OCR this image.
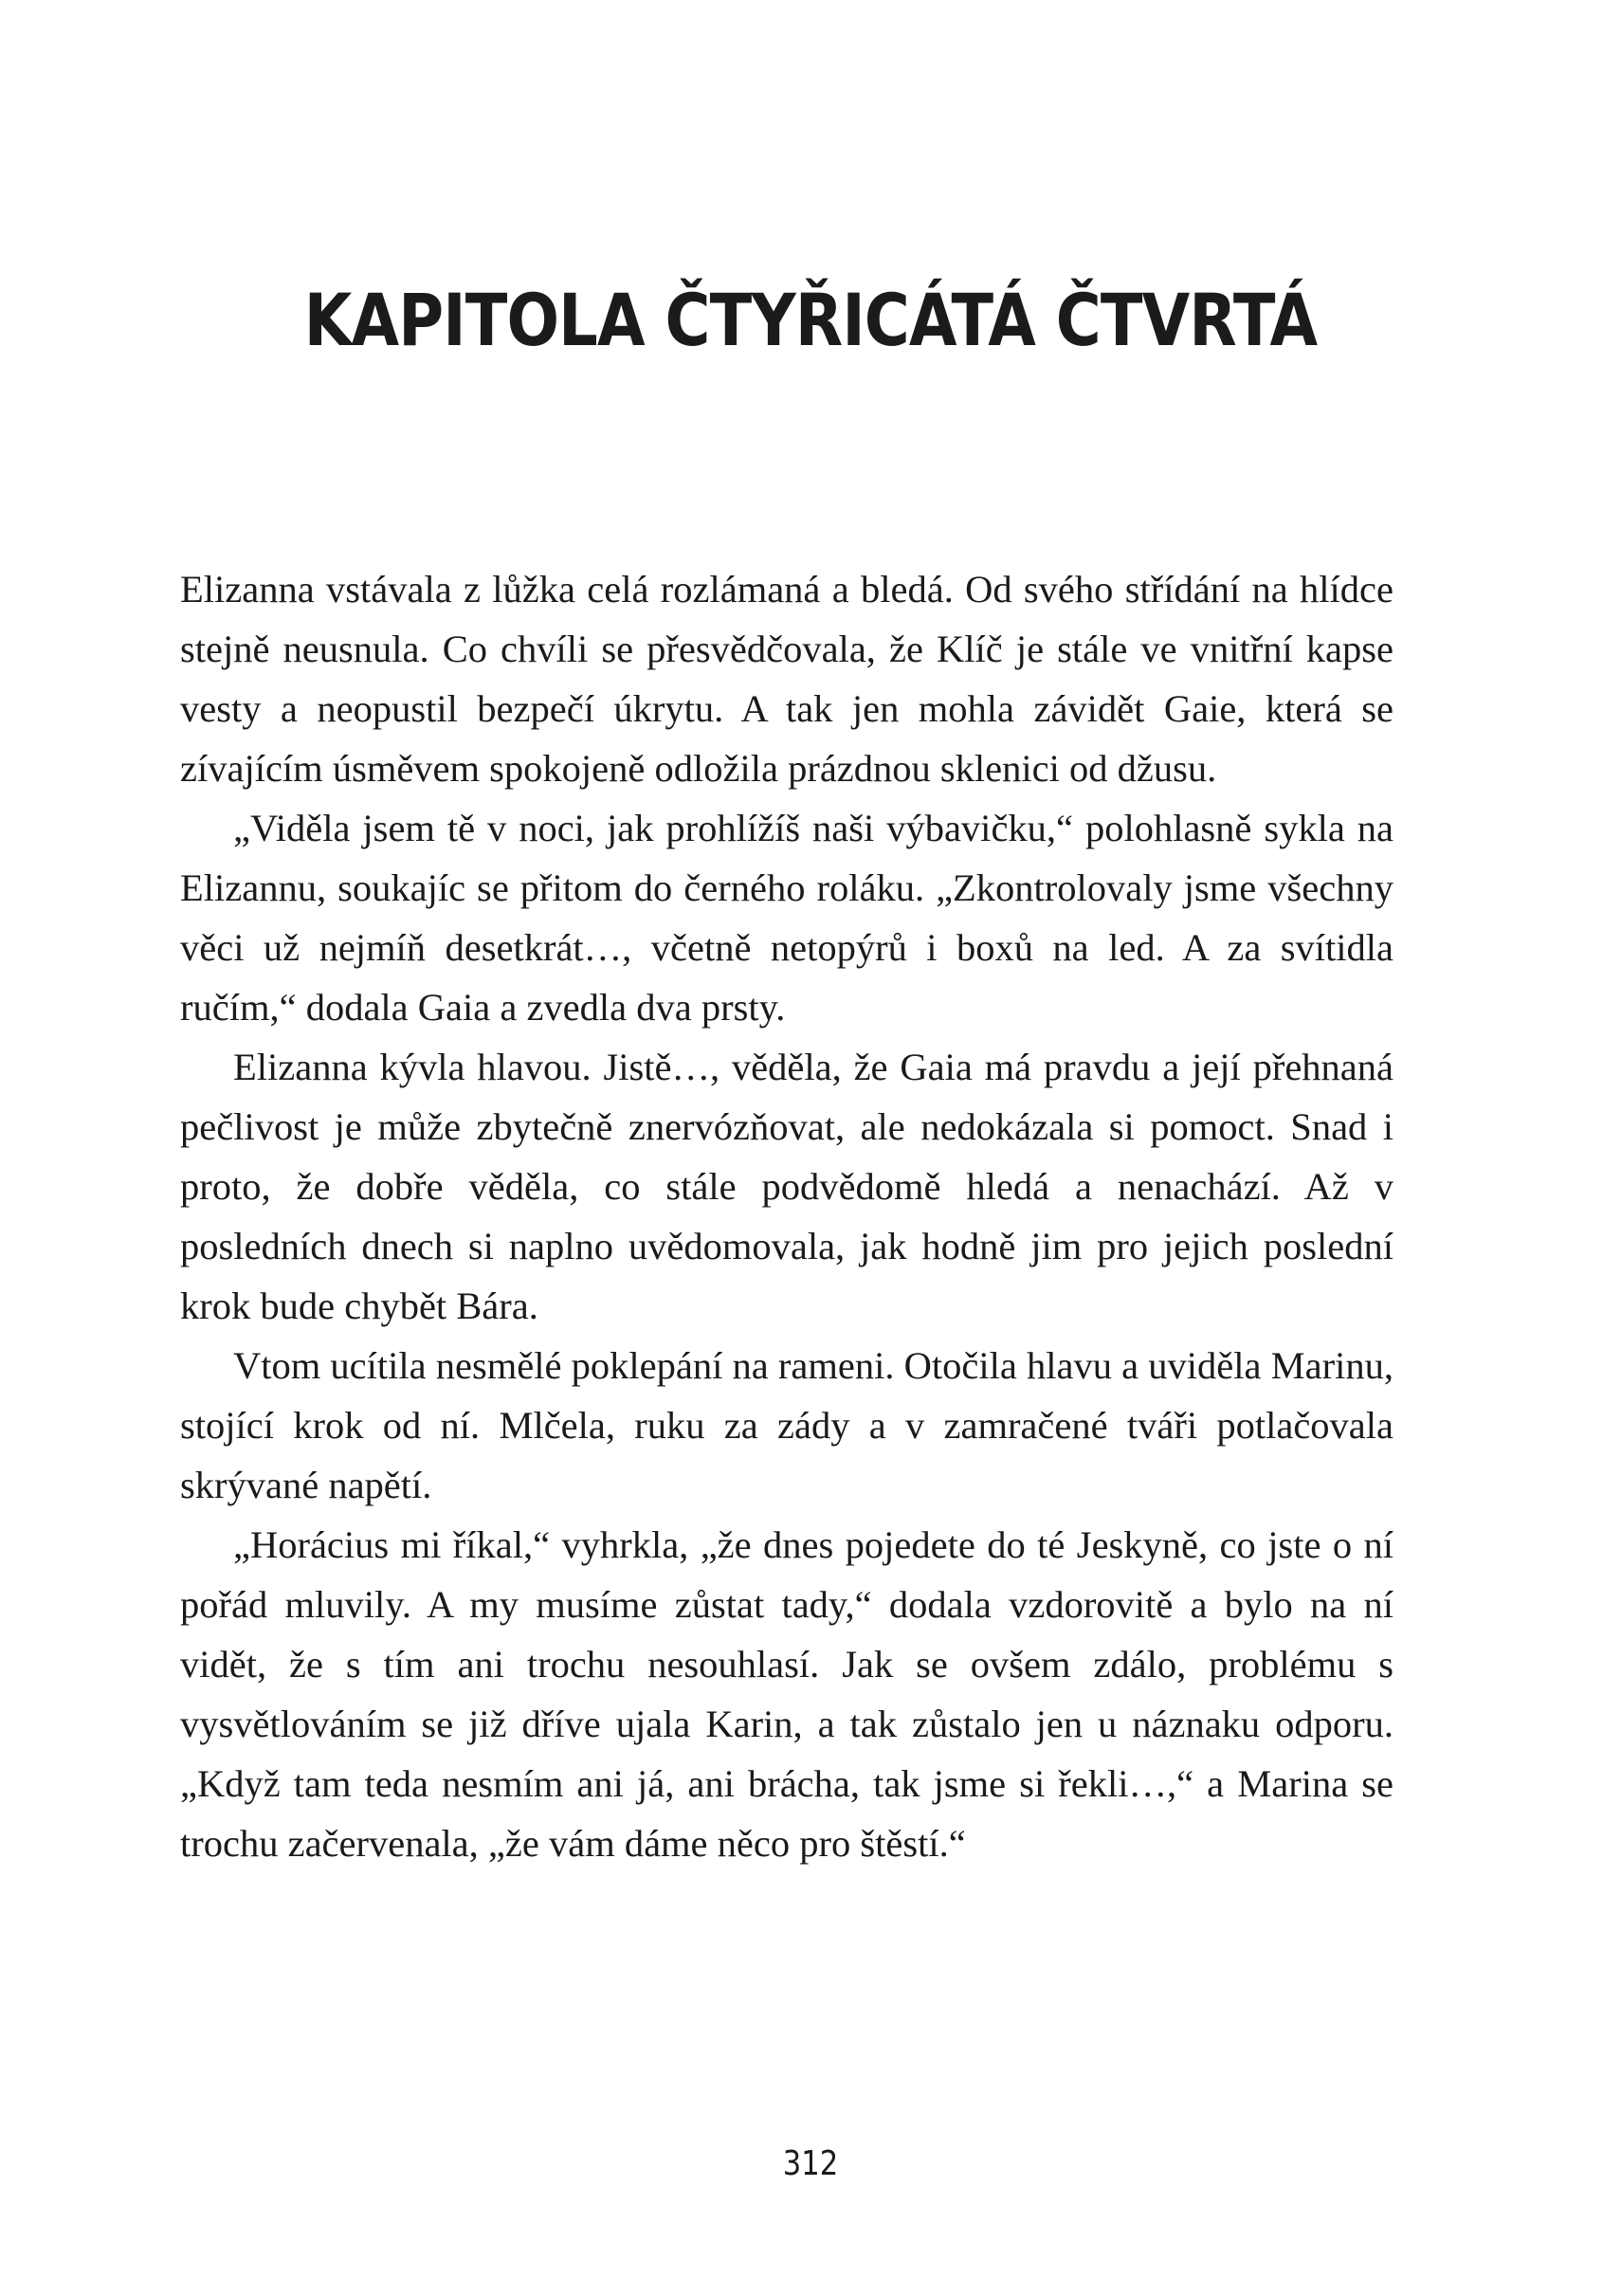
KAPITOLA ČTYŘICÁTÁ ČTVRTÁ

Elizanna vstávala z lůžka celá rozlámaná a bledá. Od svého střídání na hlídce stejně neusnula. Co chvíli se přesvědčovala, že Klíč je stále ve vnitřní kapse vesty a neopustil bezpečí úkrytu. A tak jen mohla závidět Gaie, která se zívajícím úsměvem spokojeně odložila prázdnou sklenici od džusu.

„Viděla jsem tě v noci, jak prohlížíš naši výbavičku,“ polohlasně sykla na Elizannu, soukajíc se přitom do černého roláku. „Zkontrolovaly jsme všechny věci už nejmíň desetkrát…, včetně netopýrů i boxů na led. A za svítidla ručím,“ dodala Gaia a zvedla dva prsty.

Elizanna kývla hlavou. Jistě…, věděla, že Gaia má pravdu a její přehnaná pečlivost je může zbytečně znervózňovat, ale nedokázala si pomoct. Snad i proto, že dobře věděla, co stále podvědomě hledá a nenachází. Až v posledních dnech si naplno uvědomovala, jak hodně jim pro jejich poslední krok bude chybět Bára.

Vtom ucítila nesmělé poklepání na rameni. Otočila hlavu a uviděla Marinu, stojící krok od ní. Mlčela, ruku za zády a v zamračené tváři potlačovala skrývané napětí.

„Horácius mi říkal,“ vyhrkla, „že dnes pojedete do té Jeskyně, co jste o ní pořád mluvily. A my musíme zůstat tady,“ dodala vzdorovitě a bylo na ní vidět, že s tím ani trochu nesouhlasí. Jak se ovšem zdálo, problému s vysvětlováním se již dříve ujala Karin, a tak zůstalo jen u náznaku odporu. „Když tam teda nesmím ani já, ani brácha, tak jsme si řekli…,“ a Marina se trochu začervenala, „že vám dáme něco pro štěstí.“

312
